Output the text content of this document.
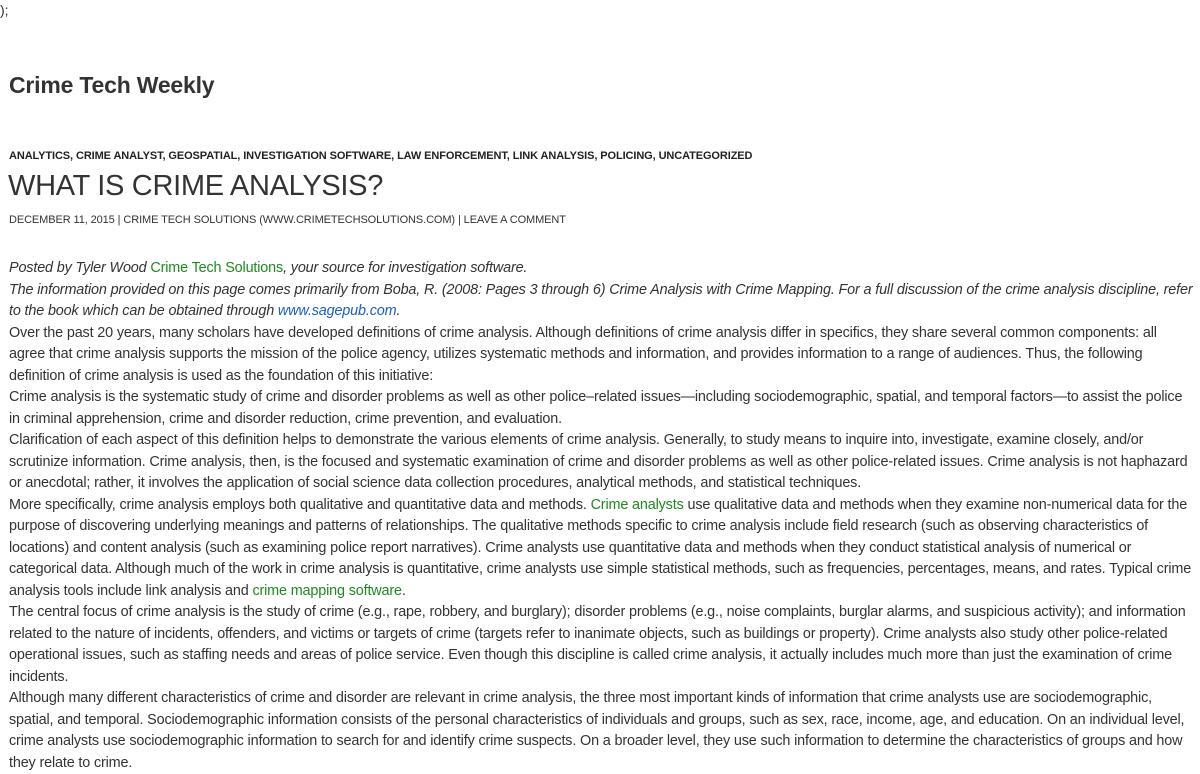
);
Crime Tech Weekly
ANALYTICS, CRIME ANALYST, GEOSPATIAL, INVESTIGATION SOFTWARE, LAW ENFORCEMENT, LINK ANALYSIS, POLICING, UNCATEGORIZED
WHAT IS CRIME ANALYSIS?
DECEMBER 11, 2015 | CRIME TECH SOLUTIONS (WWW.CRIMETECHSOLUTIONS.COM) | LEAVE A COMMENT

Posted by Tyler Wood Crime Tech Solutions, your source for investigation software.

The information provided on this page comes primarily from Boba, R. (2008: Pages 3 through 6) Crime Analysis with Crime Mapping. For a full discussion of the crime analysis discipline, refer to the book which can be obtained through www.sagepub.com.

Over the past 20 years, many scholars have developed definitions of crime analysis. Although definitions of crime analysis differ in specifics, they share several common components: all agree that crime analysis supports the mission of the police agency, utilizes systematic methods and information, and provides information to a range of audiences. Thus, the following definition of crime analysis is used as the foundation of this initiative:

Crime analysis is the systematic study of crime and disorder problems as well as other police–related issues—including sociodemographic, spatial, and temporal factors—to assist the police in criminal apprehension, crime and disorder reduction, crime prevention, and evaluation.

Clarification of each aspect of this definition helps to demonstrate the various elements of crime analysis. Generally, to study means to inquire into, investigate, examine closely, and/or scrutinize information. Crime analysis, then, is the focused and systematic examination of crime and disorder problems as well as other police-related issues. Crime analysis is not haphazard or anecdotal; rather, it involves the application of social science data collection procedures, analytical methods, and statistical techniques.

More specifically, crime analysis employs both qualitative and quantitative data and methods. Crime analysts use qualitative data and methods when they examine non-numerical data for the purpose of discovering underlying meanings and patterns of relationships. The qualitative methods specific to crime analysis include field research (such as observing characteristics of locations) and content analysis (such as examining police report narratives). Crime analysts use quantitative data and methods when they conduct statistical analysis of numerical or categorical data. Although much of the work in crime analysis is quantitative, crime analysts use simple statistical methods, such as frequencies, percentages, means, and rates. Typical crime analysis tools include link analysis and crime mapping software.

The central focus of crime analysis is the study of crime (e.g., rape, robbery, and burglary); disorder problems (e.g., noise complaints, burglar alarms, and suspicious activity); and information related to the nature of incidents, offenders, and victims or targets of crime (targets refer to inanimate objects, such as buildings or property). Crime analysts also study other police-related operational issues, such as staffing needs and areas of police service. Even though this discipline is called crime analysis, it actually includes much more than just the examination of crime incidents.

Although many different characteristics of crime and disorder are relevant in crime analysis, the three most important kinds of information that crime analysts use are sociodemographic, spatial, and temporal. Sociodemographic information consists of the personal characteristics of individuals and groups, such as sex, race, income, age, and education. On an individual level, crime analysts use sociodemographic information to search for and identify crime suspects. On a broader level, they use such information to determine the characteristics of groups and how they relate to crime.
